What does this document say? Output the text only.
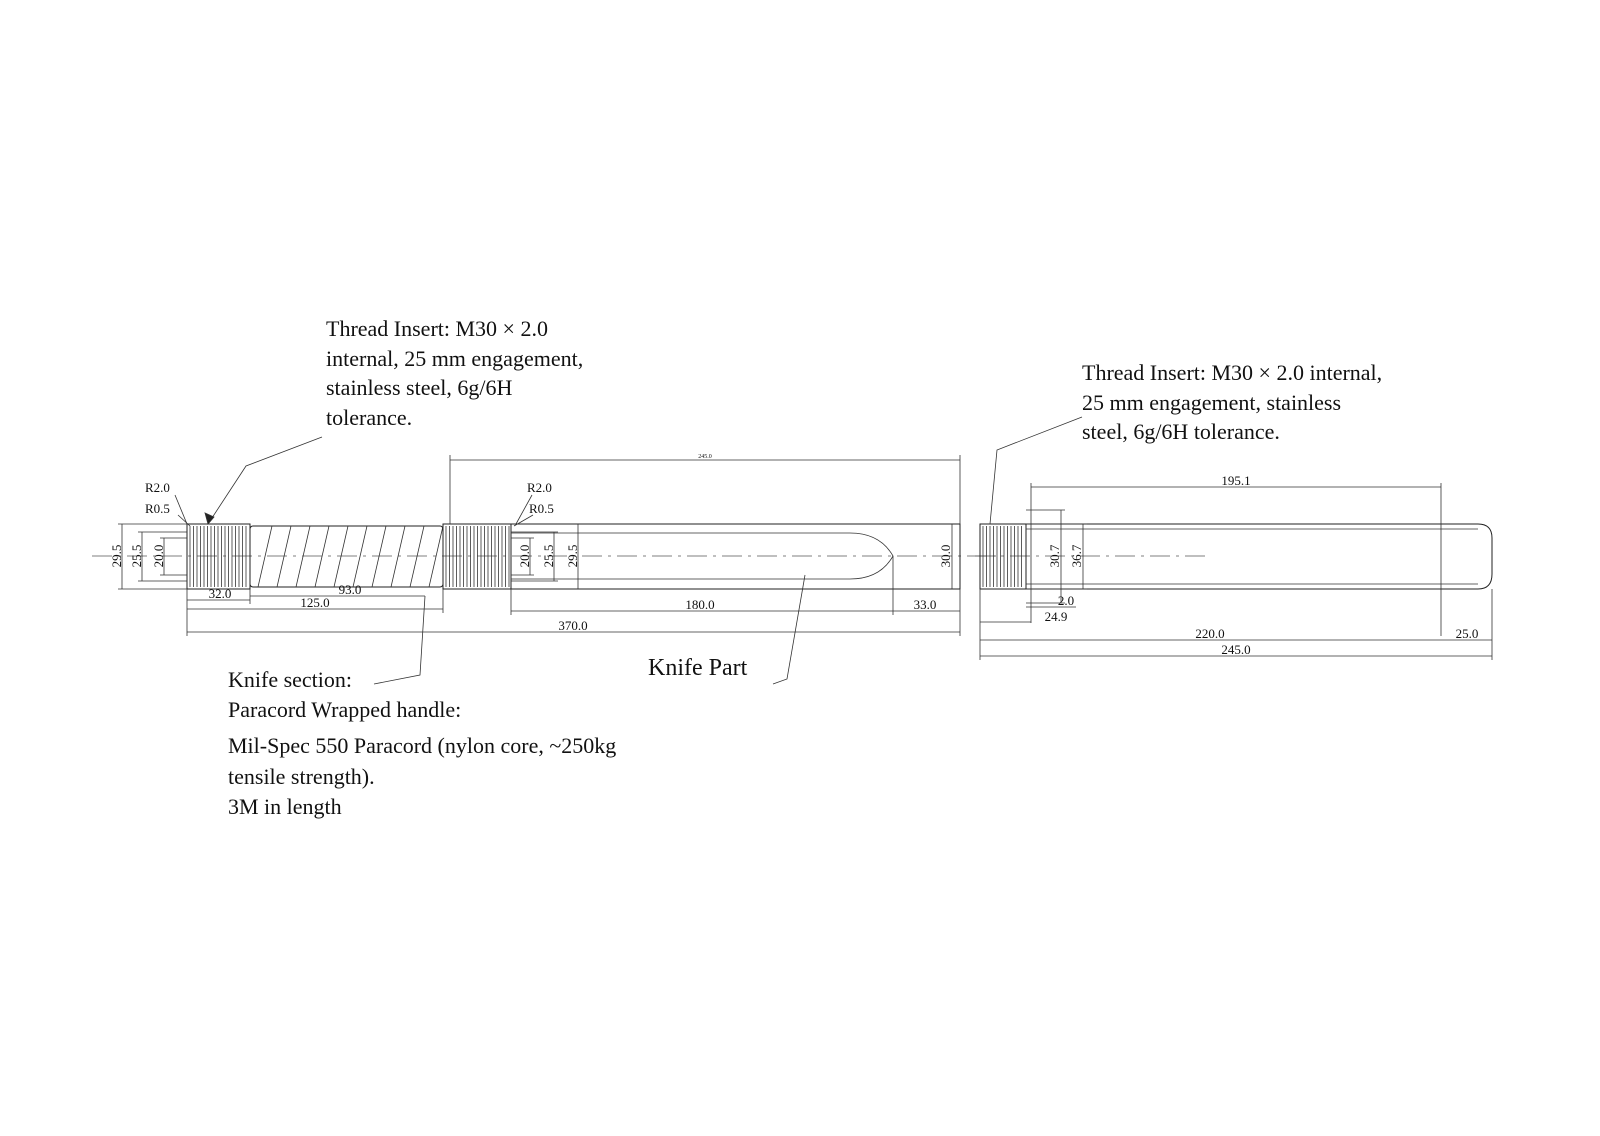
Thread Insert: M30 × 2.0
internal, 25 mm engagement,
stainless steel, 6g/6H
tolerance.
Thread Insert: M30 × 2.0 internal,
25 mm engagement, stainless
steel, 6g/6H tolerance.
Knife section:
Paracord Wrapped handle:
Mil-Spec 550 Paracord (nylon core, ~250kg
tensile strength).
3M in length
Knife Part
R2.0
R0.5
R2.0
R0.5
29.5 25.5 20.0	20.0 25.5 29.5	30.0
32.0	93.0
125.0	180.0	33.0
370.0
245.0
195.1
30.7 36.7
2.0
24.9
220.0	25.0
245.0
